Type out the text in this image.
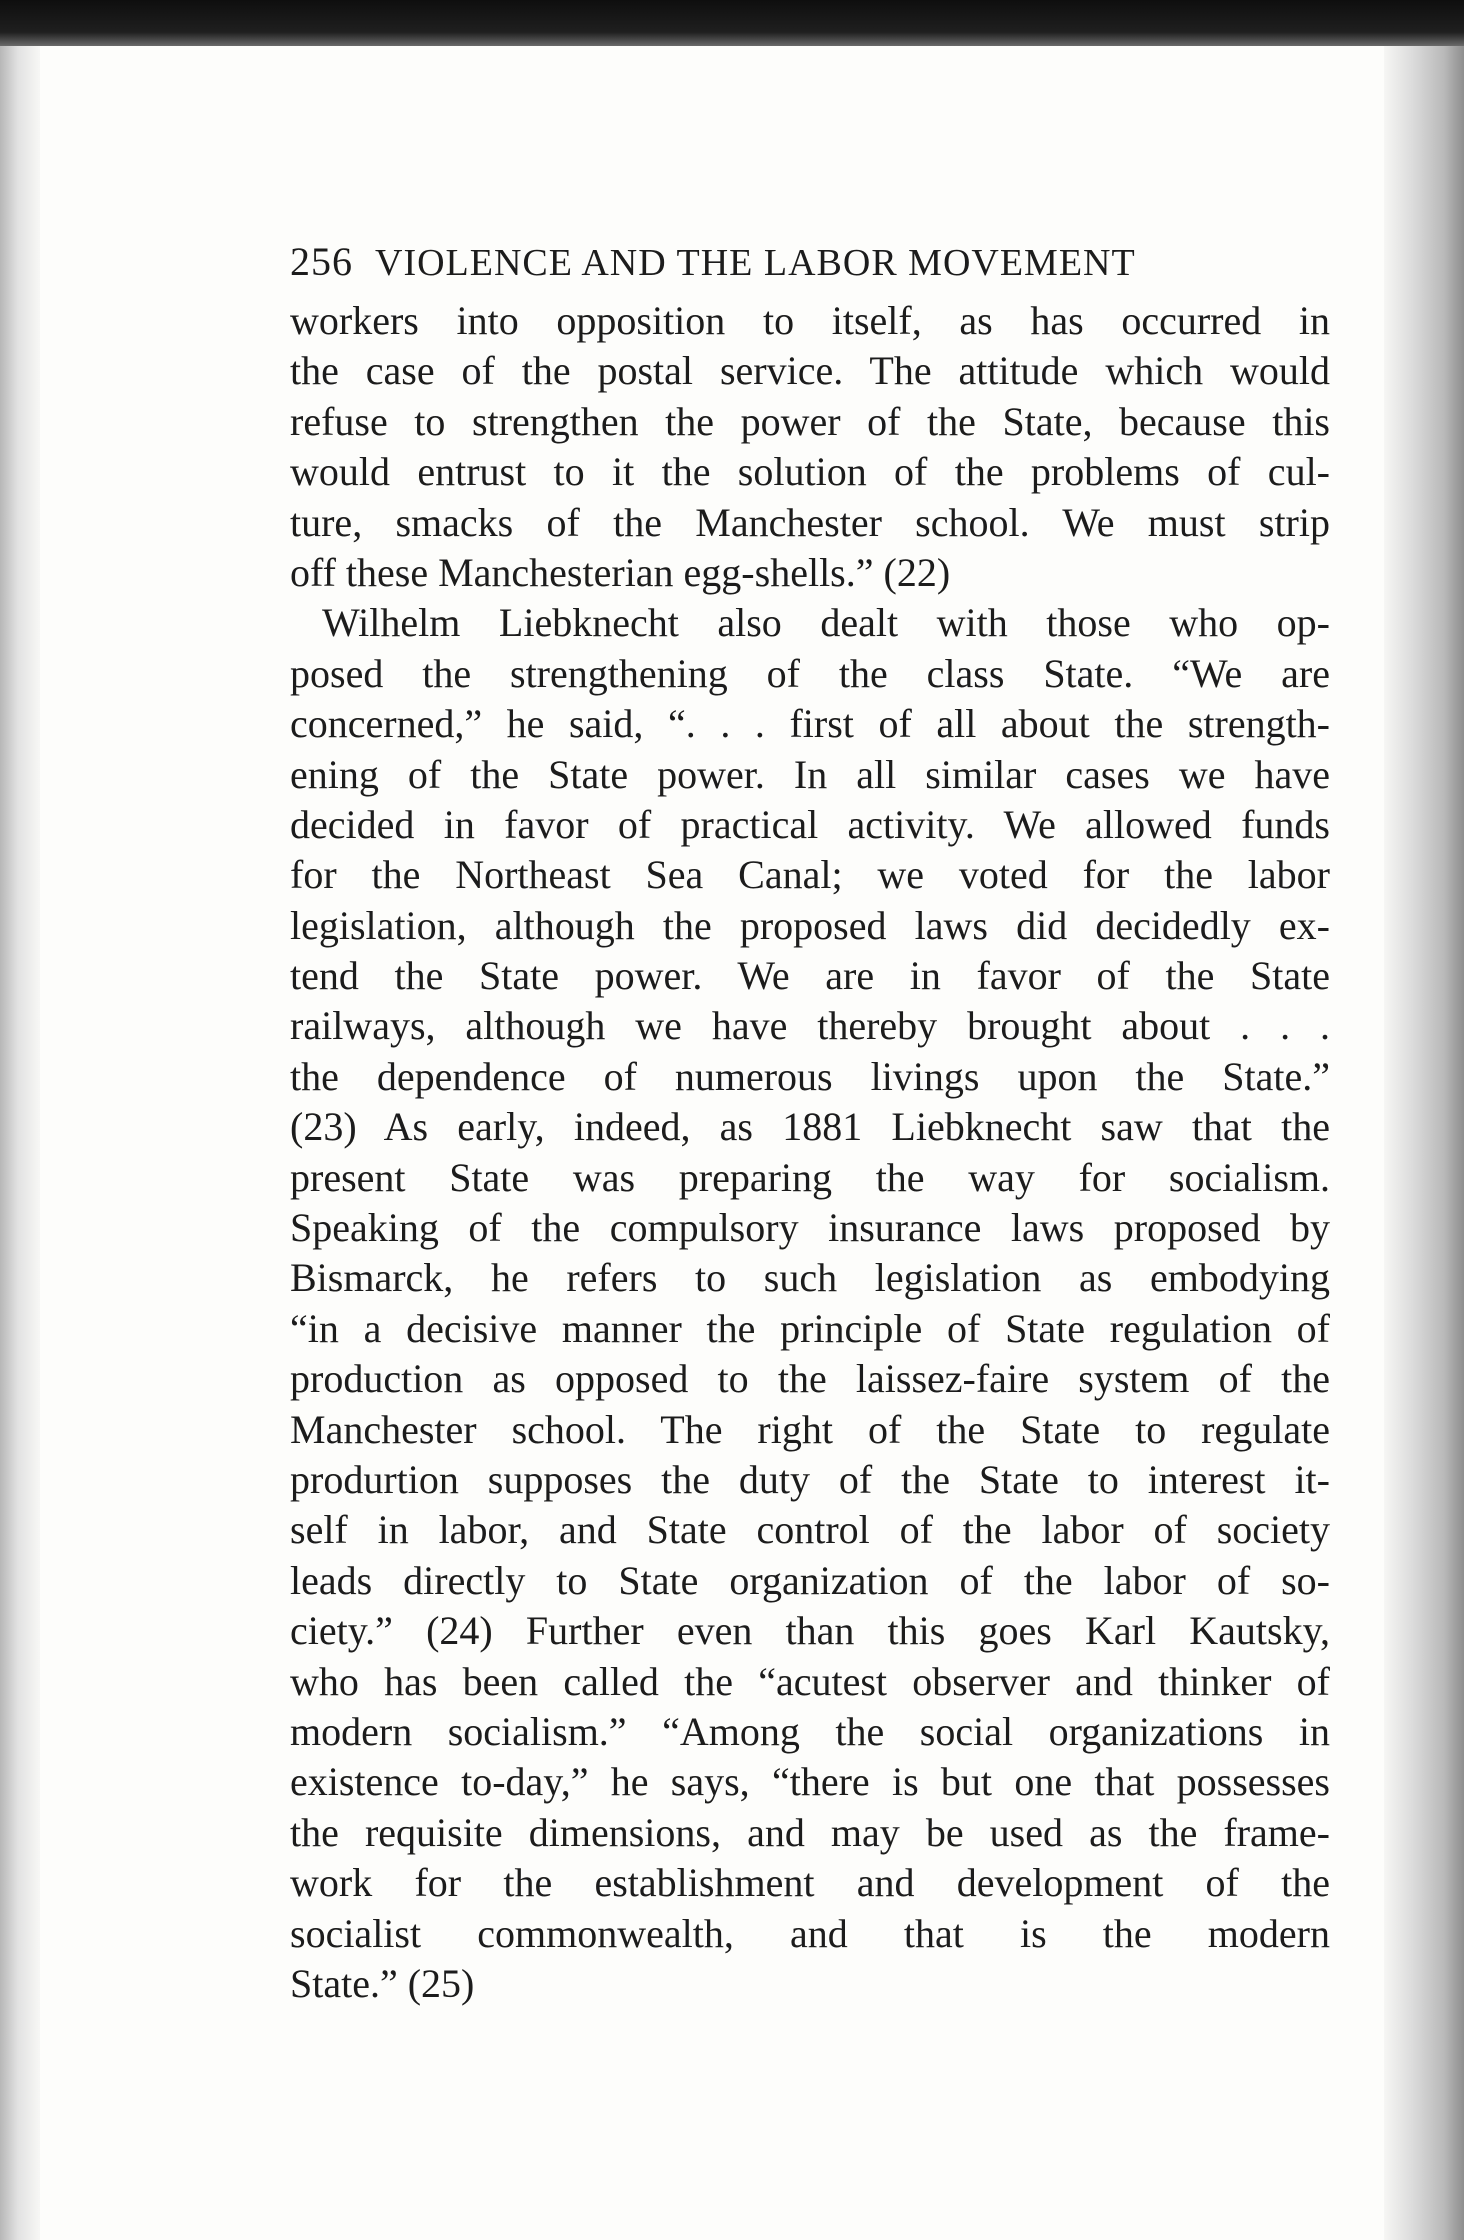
256 VIOLENCE AND THE LABOR MOVEMENT
workers into opposition to itself, as has occurred in
the case of the postal service. The attitude which would
refuse to strengthen the power of the State, because this
would entrust to it the solution of the problems of cul-
ture, smacks of the Manchester school. We must strip
off these Manchesterian egg-shells.” (22)
Wilhelm Liebknecht also dealt with those who op-
posed the strengthening of the class State. “We are
concerned,” he said, “. . . first of all about the strength-
ening of the State power. In all similar cases we have
decided in favor of practical activity. We allowed funds
for the Northeast Sea Canal; we voted for the labor
legislation, although the proposed laws did decidedly ex-
tend the State power. We are in favor of the State
railways, although we have thereby brought about . . .
the dependence of numerous livings upon the State.”
(23) As early, indeed, as 1881 Liebknecht saw that the
present State was preparing the way for socialism.
Speaking of the compulsory insurance laws proposed by
Bismarck, he refers to such legislation as embodying
“in a decisive manner the principle of State regulation of
production as opposed to the laissez-faire system of the
Manchester school. The right of the State to regulate
produrtion supposes the duty of the State to interest it-
self in labor, and State control of the labor of society
leads directly to State organization of the labor of so-
ciety.” (24) Further even than this goes Karl Kautsky,
who has been called the “acutest observer and thinker of
modern socialism.” “Among the social organizations in
existence to-day,” he says, “there is but one that possesses
the requisite dimensions, and may be used as the frame-
work for the establishment and development of the
socialist commonwealth, and that is the modern
State.” (25)
